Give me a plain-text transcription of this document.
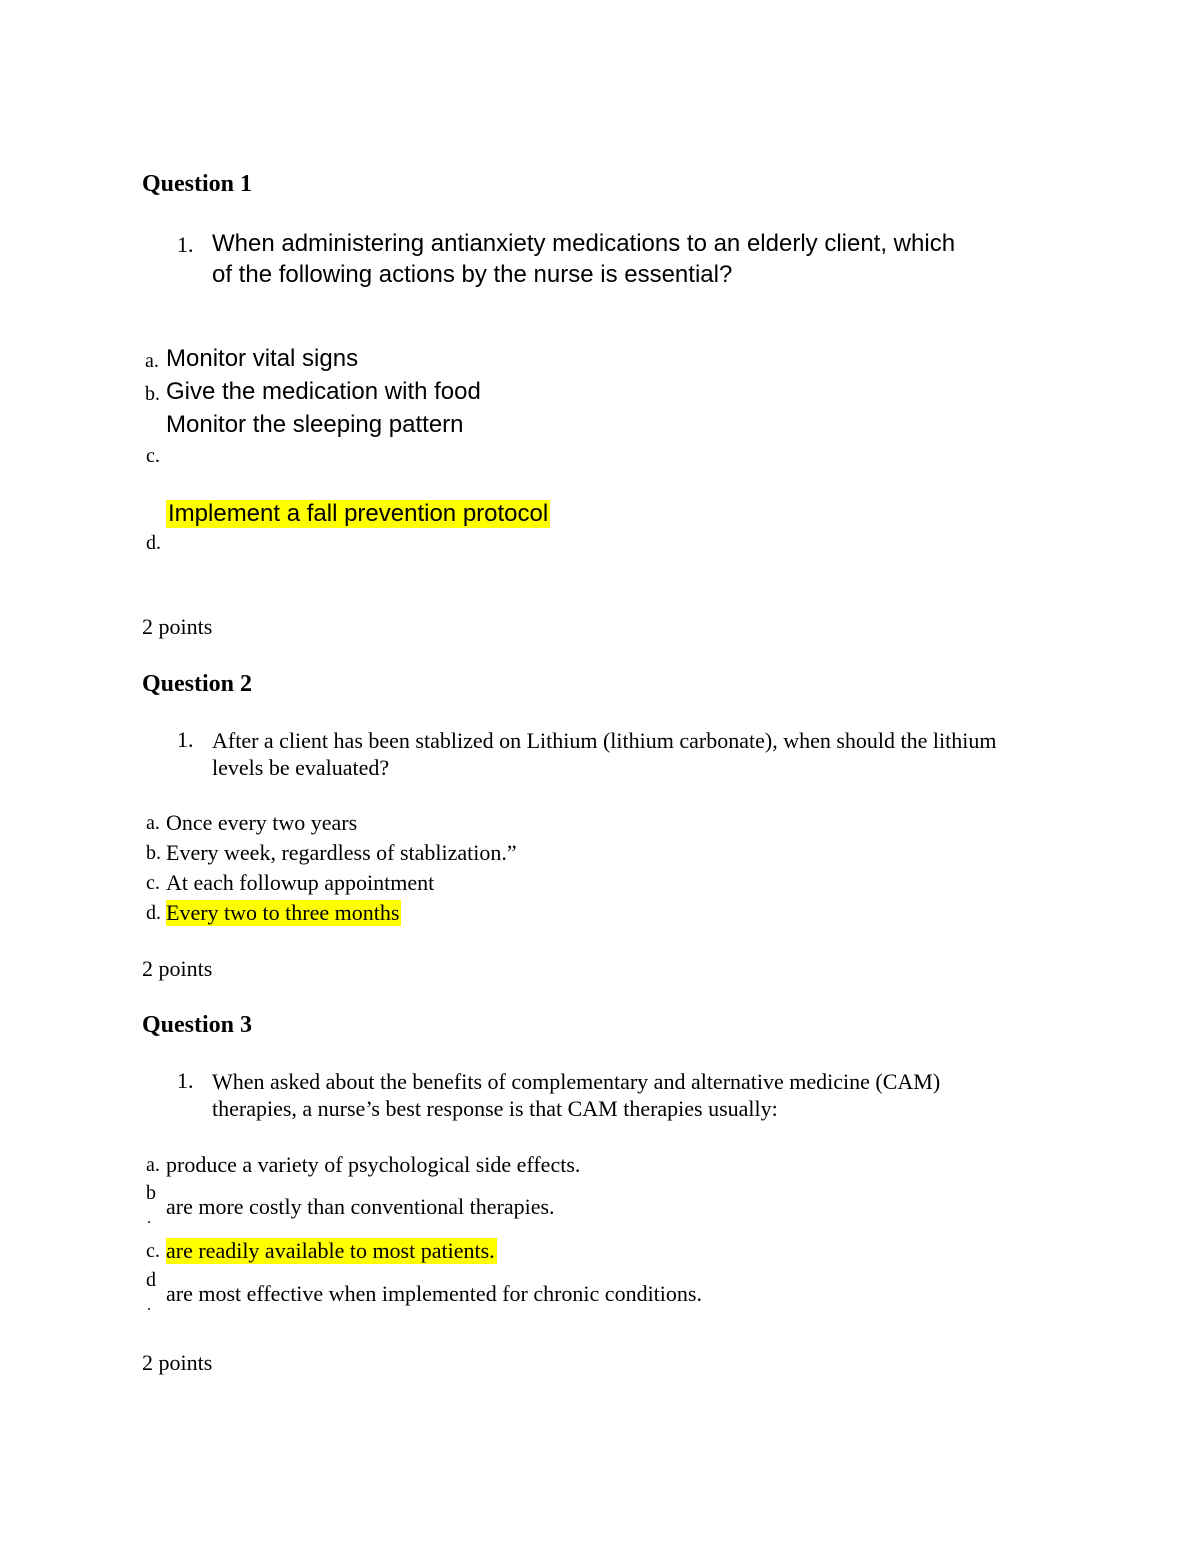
Question 1
1. When administering antianxiety medications to an elderly client, which
of the following actions by the nurse is essential?
a. Monitor vital signs
b. Give the medication with food
Monitor the sleeping pattern
c.
Implement a fall prevention protocol
d.
2 points
Question 2
1. After a client has been stablized on Lithium (lithium carbonate), when should the lithium
levels be evaluated?
a. Once every two years
b. Every week, regardless of stablization.”
c. At each followup appointment
d. Every two to three months
2 points
Question 3
1. When asked about the benefits of complementary and alternative medicine (CAM)
therapies, a nurse’s best response is that CAM therapies usually:
a. produce a variety of psychological side effects.
b
. are more costly than conventional therapies.
c. are readily available to most patients.
d
. are most effective when implemented for chronic conditions.
2 points
